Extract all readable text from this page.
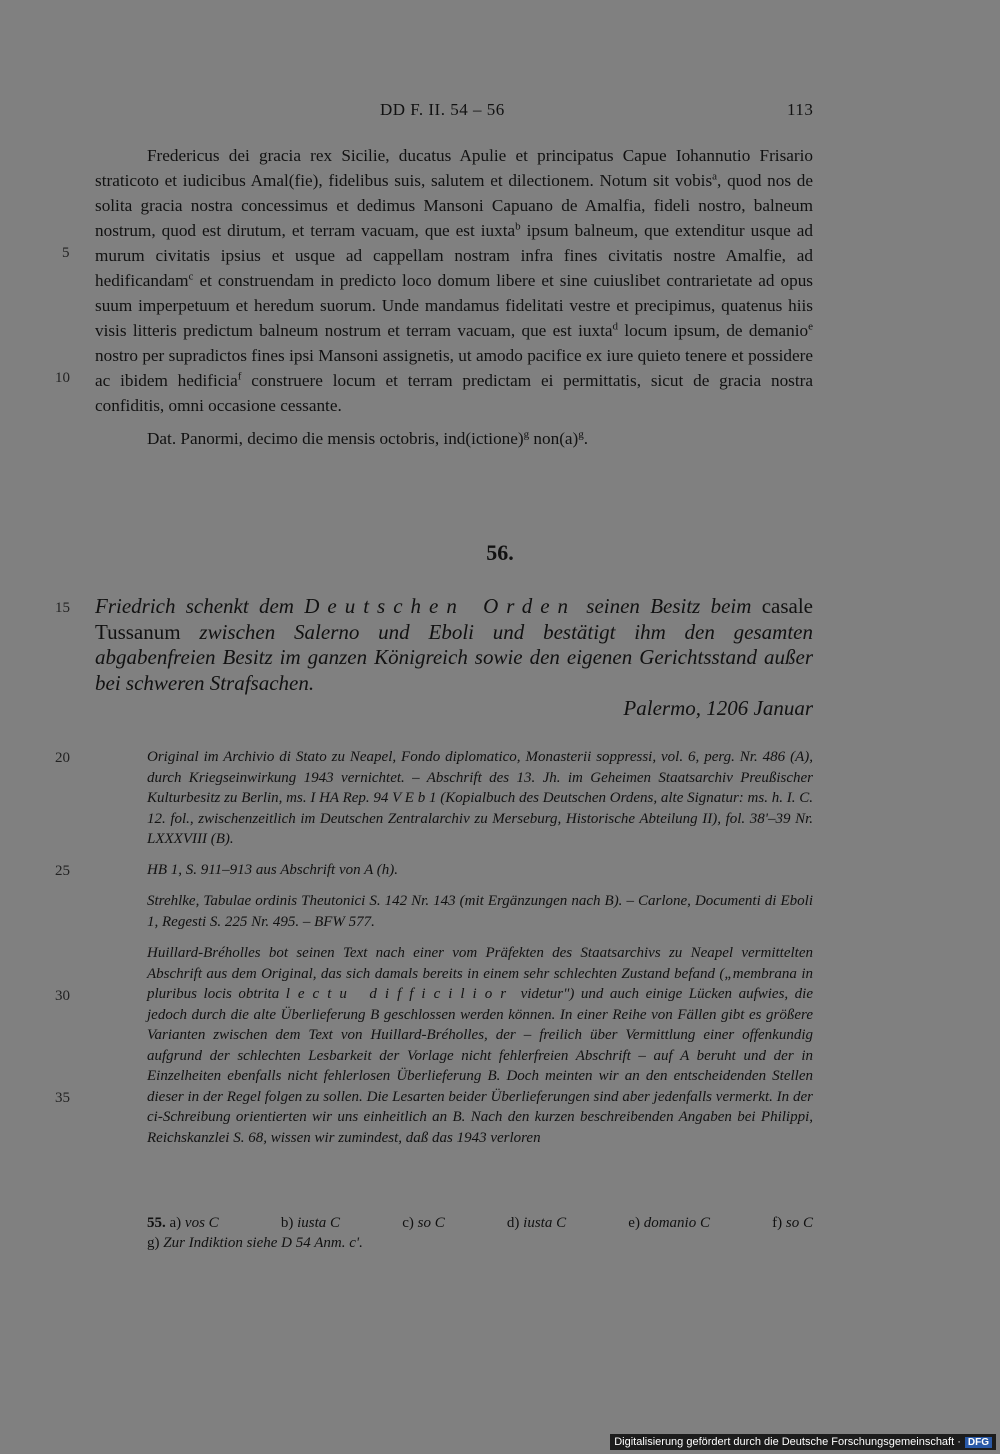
DD F. II. 54 – 56	113
5
10
15
20
25
30
35

Fredericus dei gracia rex Sicilie, ducatus Apulie et principatus Capue Iohannutio Frisario straticoto et iudicibus Amal(fie), fidelibus suis, salutem et dilectionem. Notum sit vobis$^a$, quod nos de solita gracia nostra concessimus et dedimus Mansoni Capuano de Amalfia, fideli nostro, balneum nostrum, quod est dirutum, et terram vacuam, que est iuxta$^b$ ipsum balneum, que extenditur usque ad murum civitatis ipsius et usque ad cappellam nostram infra fines civitatis nostre Amalfie, ad hedificandam$^c$ et construendam in predicto loco domum libere et sine cuiuslibet contrarietate ad opus suum imperpetuum et heredum suorum. Unde mandamus fidelitati vestre et precipimus, quatenus hiis visis litteris predictum balneum nostrum et terram vacuam, que est iuxta$^d$ locum ipsum, de demanio$^e$ nostro per supradictos fines ipsi Mansoni assignetis, ut amodo pacifice ex iure quieto tenere et possidere ac ibidem hedificia$^f$ construere locum et terram predictam ei permittatis, sicut de gracia nostra confiditis, omni occasione cessante.

Dat. Panormi, decimo die mensis octobris, ind(ictione)$^g$ $non(a)^g$.

56.
Friedrich schenkt dem Deutschen Orden seinen Besitz beim casale Tussanum zwischen Salerno und Eboli und bestätigt ihm den gesamten abgabenfreien Besitz im ganzen Königreich sowie den eigenen Gerichtsstand außer bei schweren Strafsachen.
Palermo, 1206 Januar

Original im Archivio di Stato zu Neapel, Fondo diplomatico, Monasterii soppressi, vol. 6, perg. Nr. 486 (A), durch Kriegseinwirkung 1943 vernichtet. – Abschrift des 13. Jh. im Geheimen Staatsarchiv Preußischer Kulturbesitz zu Berlin, ms. I HA Rep. 94 V E b 1 (Kopialbuch des Deutschen Ordens, alte Signatur: ms. h. I. C. 12. fol., zwischenzeitlich im Deutschen Zentralarchiv zu Merseburg, Historische Abteilung II), fol. 38'–39 Nr. LXXXVIII (B).

HB 1, S. 911–913 aus Abschrift von A (h).

Strehlke, Tabulae ordinis Theutonici S. 142 Nr. 143 (mit Ergänzungen nach B). – Carlone, Documenti di Eboli 1, Regesti S. 225 Nr. 495. – BFW 577.

Huillard-Bréholles bot seinen Text nach einer vom Präfekten des Staatsarchivs zu Neapel vermittelten Abschrift aus dem Original, das sich damals bereits in einem sehr schlechten Zustand befand („membrana in pluribus locis obtrita lectu difficilior videtur") und auch einige Lücken aufwies, die jedoch durch die alte Überlieferung B geschlossen werden können. In einer Reihe von Fällen gibt es größere Varianten zwischen dem Text von Huillard-Bréholles, der – freilich über Vermittlung einer offenkundig aufgrund der schlechten Lesbarkeit der Vorlage nicht fehlerfreien Abschrift – auf A beruht und der in Einzelheiten ebenfalls nicht fehlerlosen Überlieferung B. Doch meinten wir an den entscheidenden Stellen dieser in der Regel folgen zu sollen. Die Lesarten beider Überlieferungen sind aber jedenfalls vermerkt. In der ci-Schreibung orientierten wir uns einheitlich an B. Nach den kurzen beschreibenden Angaben bei Philippi, Reichskanzlei S. 68, wissen wir zumindest, daß das 1943 verloren

55. a) vos C	b) iusta C	c) so C	d) iusta C	e) domanio C	f) so C
g) Zur Indiktion siehe D 54 Anm. c'.
Digitalisierung gefördert durch die Deutsche Forschungsgemeinschaft · DFG
